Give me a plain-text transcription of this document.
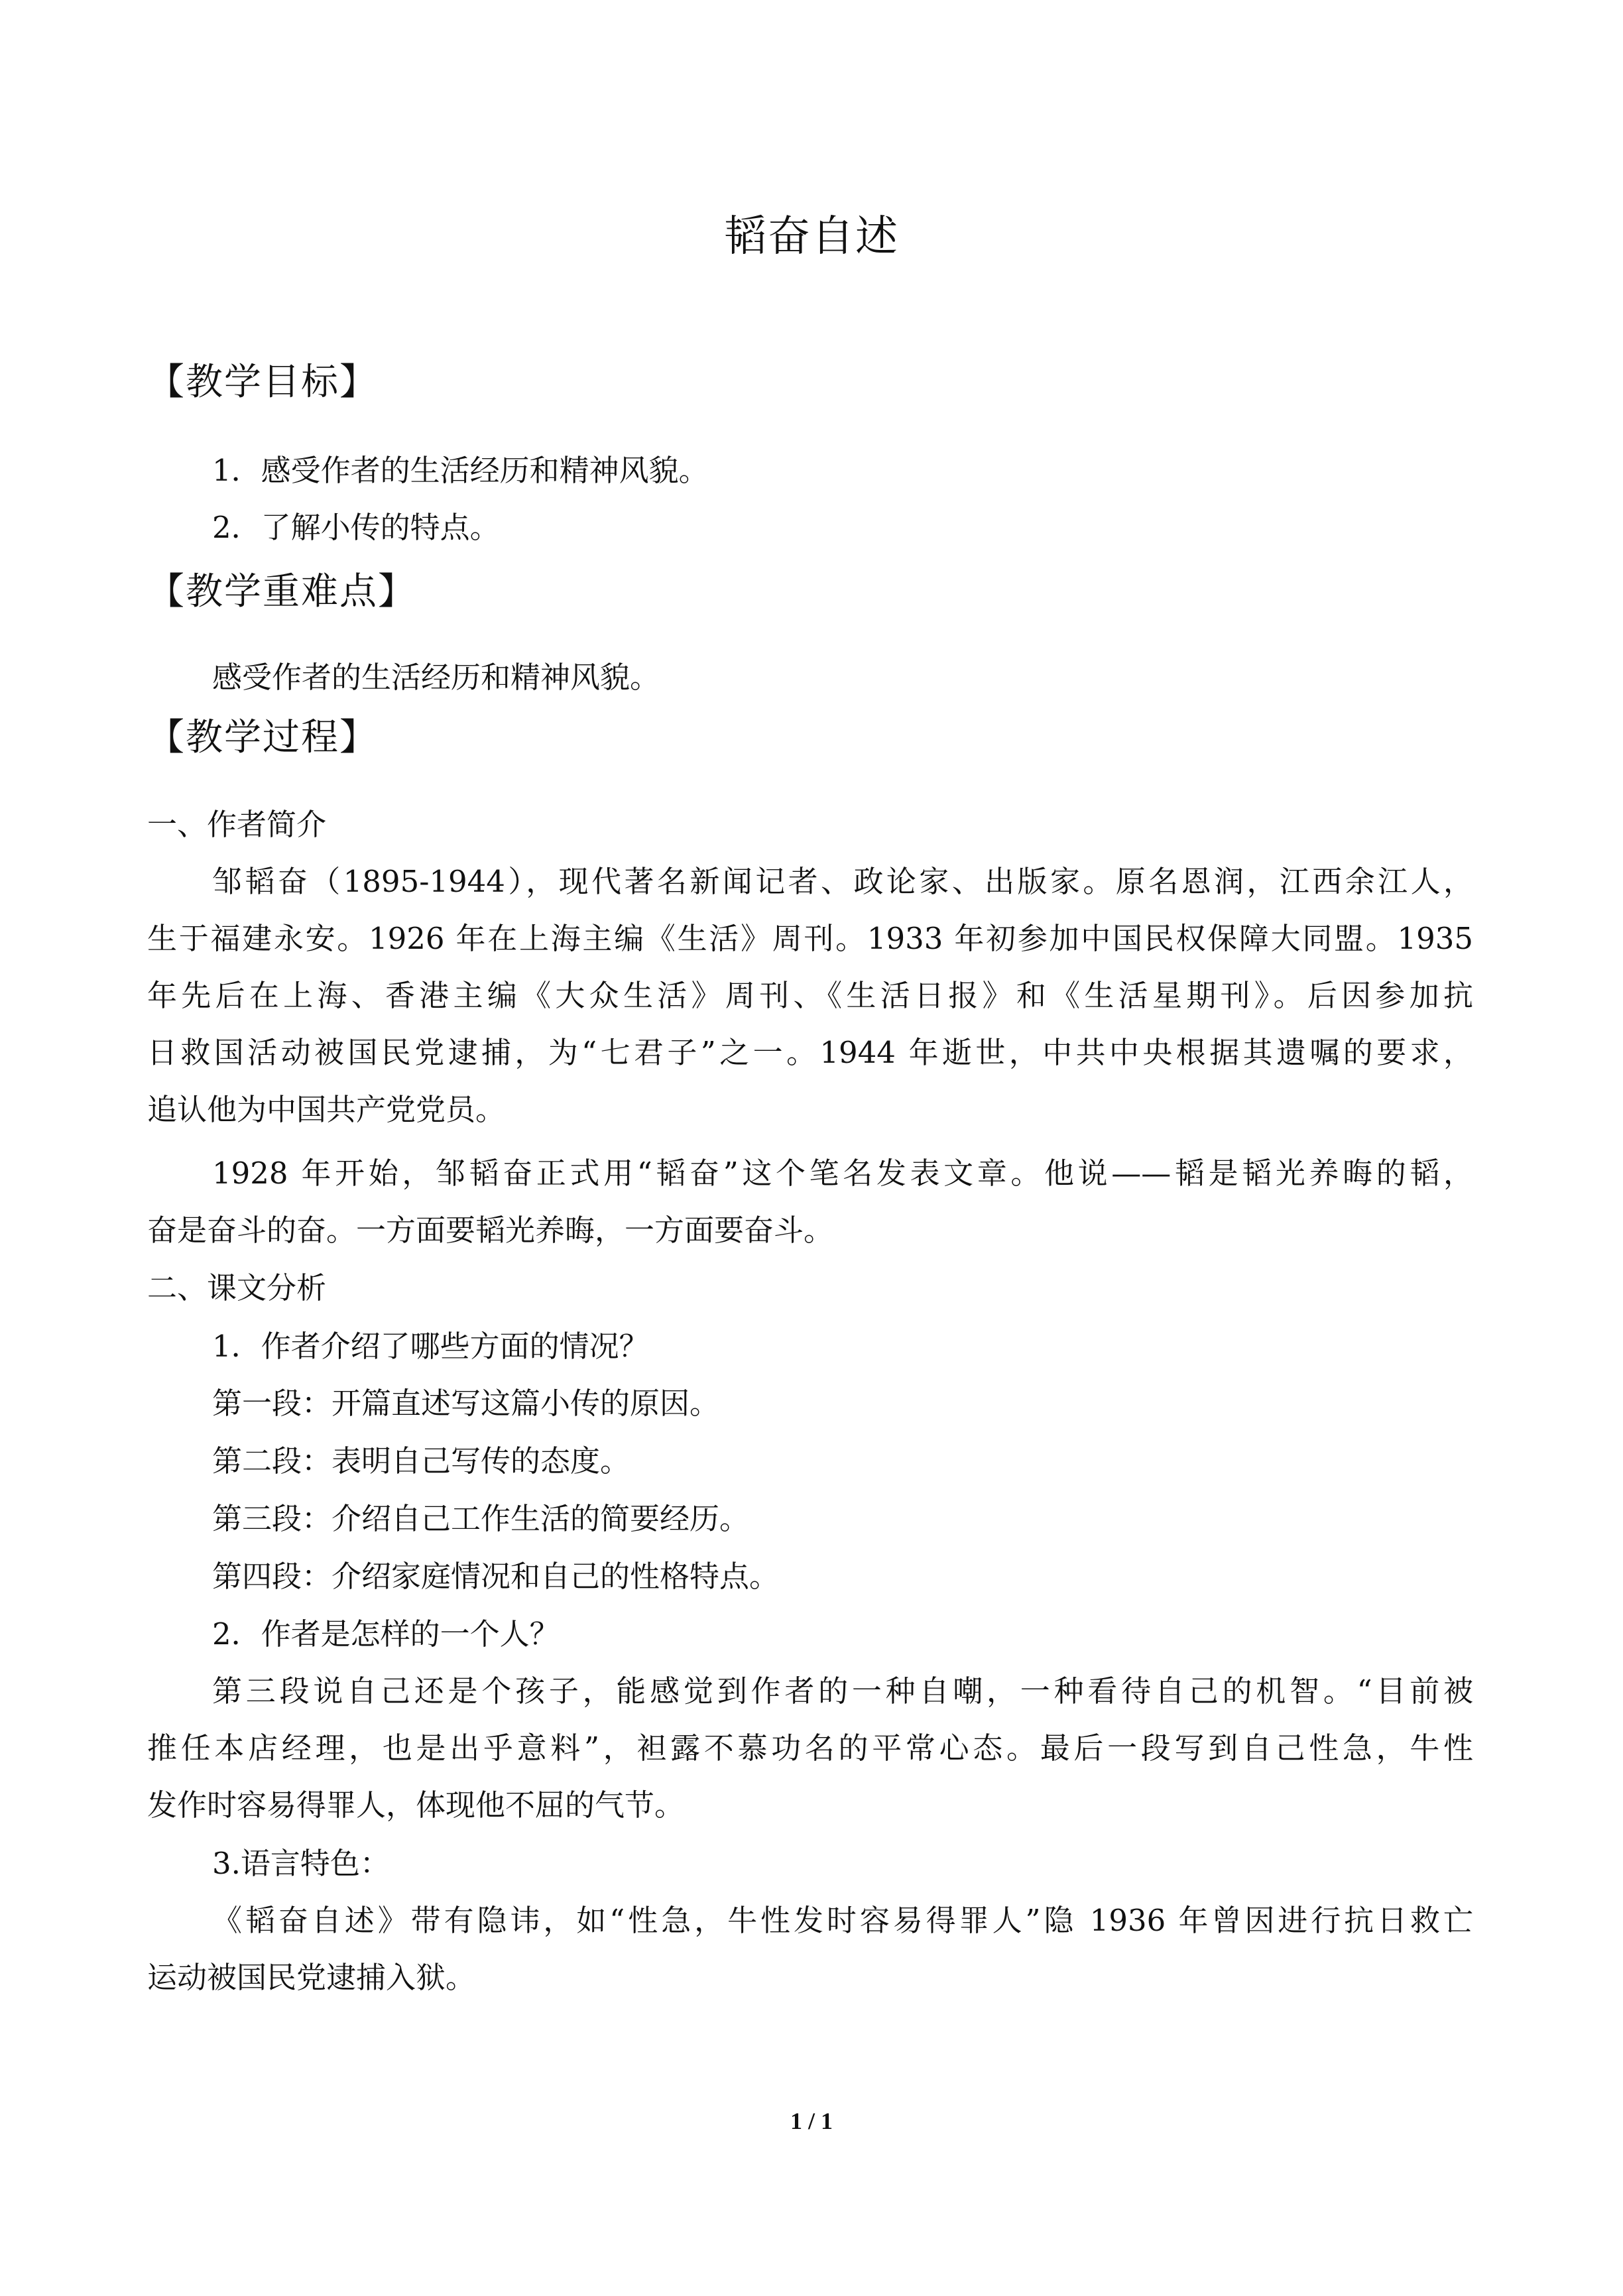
韬奋自述
【教学目标】
1．感受作者的生活经历和精神风貌。
2．了解小传的特点。
【教学重难点】
感受作者的生活经历和精神风貌。
【教学过程】
一、作者简介
邹韬奋（1895-1944），现代著名新闻记者、政论家、出版家。原名恩润，江西余江人，
生于福建永安。1926 年在上海主编《生活》周刊。1933 年初参加中国民权保障大同盟。1935
年先后在上海、香港主编《大众生活》周刊、《生活日报》和《生活星期刊》。后因参加抗
日救国活动被国民党逮捕，为“七君子”之一。1944 年逝世，中共中央根据其遗嘱的要求，
追认他为中国共产党党员。
1928 年开始，邹韬奋正式用“韬奋”这个笔名发表文章。他说——韬是韬光养晦的韬，
奋是奋斗的奋。一方面要韬光养晦，一方面要奋斗。
二、课文分析
1．作者介绍了哪些方面的情况？
第一段：开篇直述写这篇小传的原因。
第二段：表明自己写传的态度。
第三段：介绍自己工作生活的简要经历。
第四段：介绍家庭情况和自己的性格特点。
2．作者是怎样的一个人？
第三段说自己还是个孩子，能感觉到作者的一种自嘲，一种看待自己的机智。“目前被
推任本店经理，也是出乎意料”，袒露不慕功名的平常心态。最后一段写到自己性急，牛性
发作时容易得罪人，体现他不屈的气节。
3.语言特色：
《韬奋自述》带有隐讳，如“性急，牛性发时容易得罪人”隐 1936 年曾因进行抗日救亡
运动被国民党逮捕入狱。
1 / 1
